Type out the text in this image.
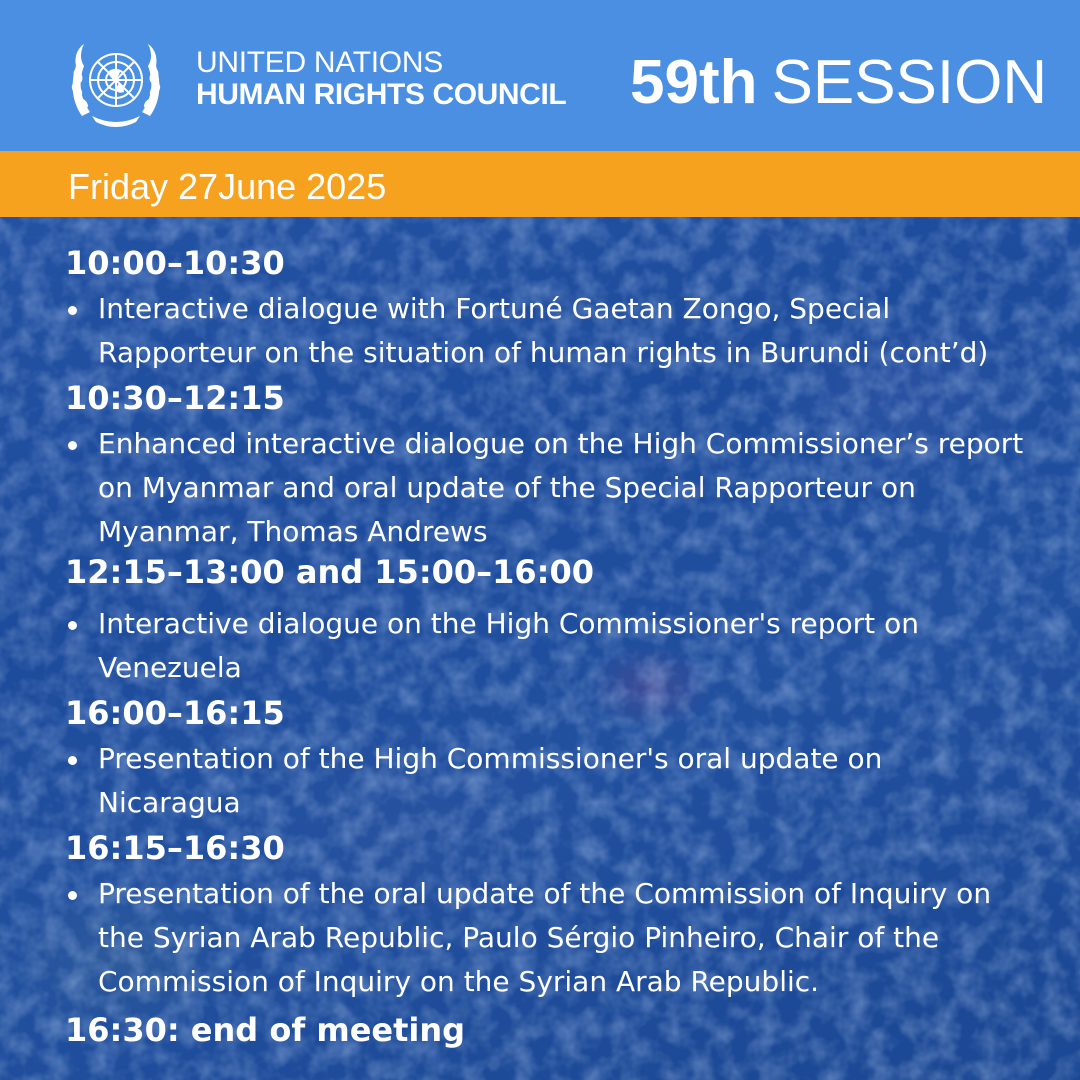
UNITED NATIONS
HUMAN RIGHTS COUNCIL 59th SESSION
Friday 27June 2025
10:00–10:30
Interactive dialogue with Fortuné Gaetan Zongo, Special Rapporteur on the situation of human rights in Burundi (cont’d)
10:30–12:15
Enhanced interactive dialogue on the High Commissioner’s report on Myanmar and oral update of the Special Rapporteur on Myanmar, Thomas Andrews
12:15–13:00 and 15:00–16:00
Interactive dialogue on the High Commissioner's report on Venezuela
16:00–16:15
Presentation of the High Commissioner's oral update on Nicaragua
16:15–16:30
Presentation of the oral update of the Commission of Inquiry on the Syrian Arab Republic, Paulo Sérgio Pinheiro, Chair of the Commission of Inquiry on the Syrian Arab Republic.
16:30: end of meeting
